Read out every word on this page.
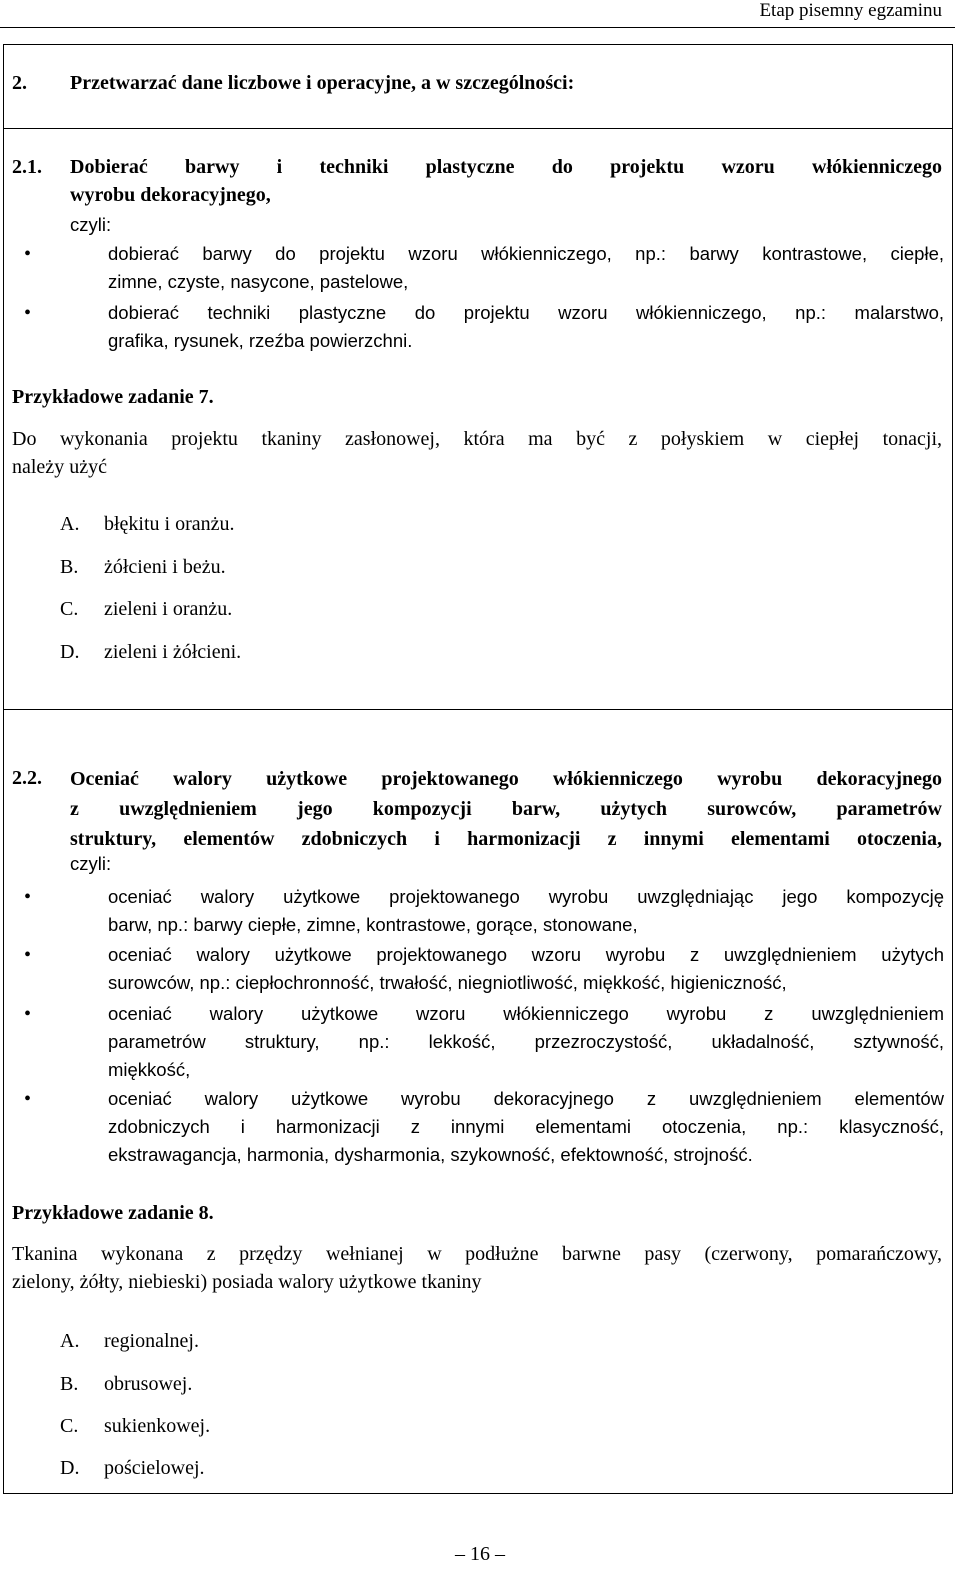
Etap pisemny egzaminu
2. Przetwarzać dane liczbowe i operacyjne, a w szczególności:
2.1. Dobierać barwy i techniki plastyczne do projektu wzoru włókienniczego
wyrobu dekoracyjnego,
czyli:
•	dobierać barwy do projektu wzoru włókienniczego, np.: barwy kontrastowe, ciepłe,
zimne, czyste, nasycone, pastelowe,
•	dobierać techniki plastyczne do projektu wzoru włókienniczego, np.: malarstwo,
grafika, rysunek, rzeźba powierzchni.
Przykładowe zadanie 7.
Do wykonania projektu tkaniny zasłonowej, która ma być z połyskiem w ciepłej tonacji,
należy użyć
A. błękitu i oranżu.
B. żółcieni i beżu.
C. zieleni i oranżu.
D. zieleni i żółcieni.
2.2. Oceniać walory użytkowe projektowanego włókienniczego wyrobu dekoracyjnego
z uwzględnieniem jego kompozycji barw, użytych surowców, parametrów
struktury, elementów zdobniczych i harmonizacji z innymi elementami otoczenia,
czyli:
•	oceniać walory użytkowe projektowanego wyrobu uwzględniając jego kompozycję
barw, np.: barwy ciepłe, zimne, kontrastowe, gorące, stonowane,
•	oceniać walory użytkowe projektowanego wzoru wyrobu z uwzględnieniem użytych
surowców, np.: ciepłochronność, trwałość, niegniotliwość, miękkość, higieniczność,
•	oceniać walory użytkowe wzoru włókienniczego wyrobu z uwzględnieniem
parametrów struktury, np.: lekkość, przezroczystość, układalność, sztywność,
miękkość,
•	oceniać walory użytkowe wyrobu dekoracyjnego z uwzględnieniem elementów
zdobniczych i harmonizacji z innymi elementami otoczenia, np.: klasyczność,
ekstrawagancja, harmonia, dysharmonia, szykowność, efektowność, strojność.
Przykładowe zadanie 8.
Tkanina wykonana z przędzy wełnianej w podłużne barwne pasy (czerwony, pomarańczowy,
zielony, żółty, niebieski) posiada walory użytkowe tkaniny
A. regionalnej.
B. obrusowej.
C. sukienkowej.
D. pościelowej.
– 16 –
